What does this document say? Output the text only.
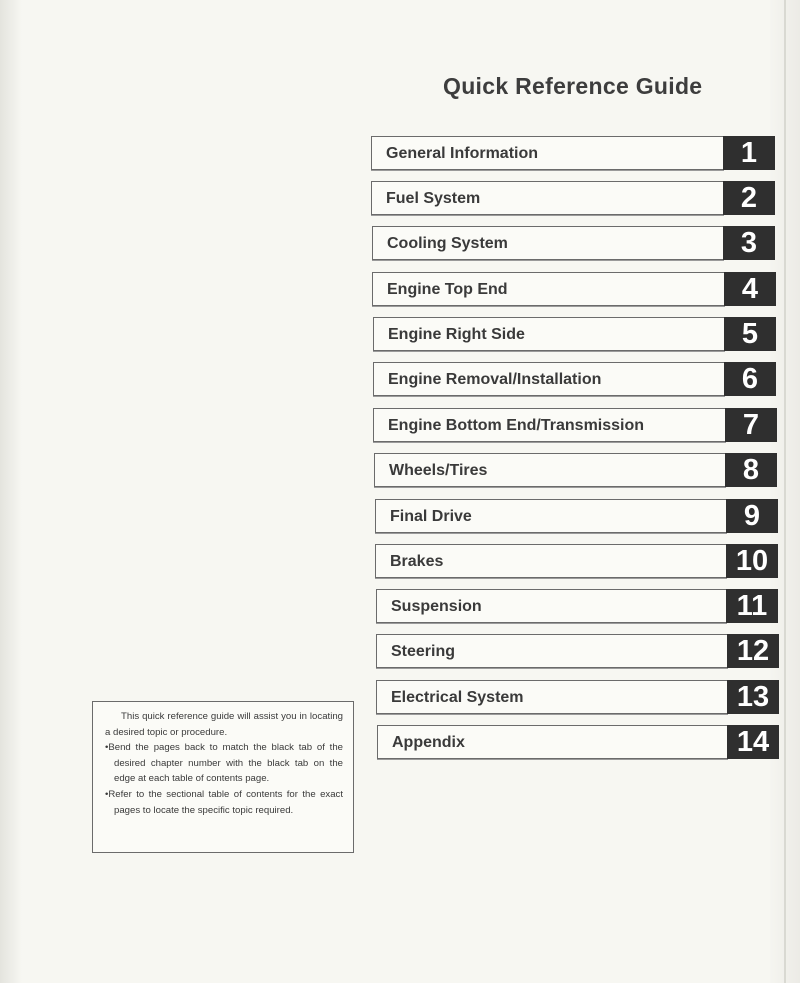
Quick Reference Guide
General Information	1
Fuel System	2
Cooling System	3
Engine Top End	4
Engine Right Side	5
Engine Removal/Installation	6
Engine Bottom End/Transmission	7
Wheels/Tires	8
Final Drive	9
Brakes	10
Suspension	11
Steering	12
Electrical System	13
Appendix	14

This quick reference guide will assist you in locating a desired topic or procedure.

•Bend the pages back to match the black tab of the desired chapter number with the black tab on the edge at each table of contents page.

•Refer to the sectional table of contents for the exact pages to locate the specific topic required.
